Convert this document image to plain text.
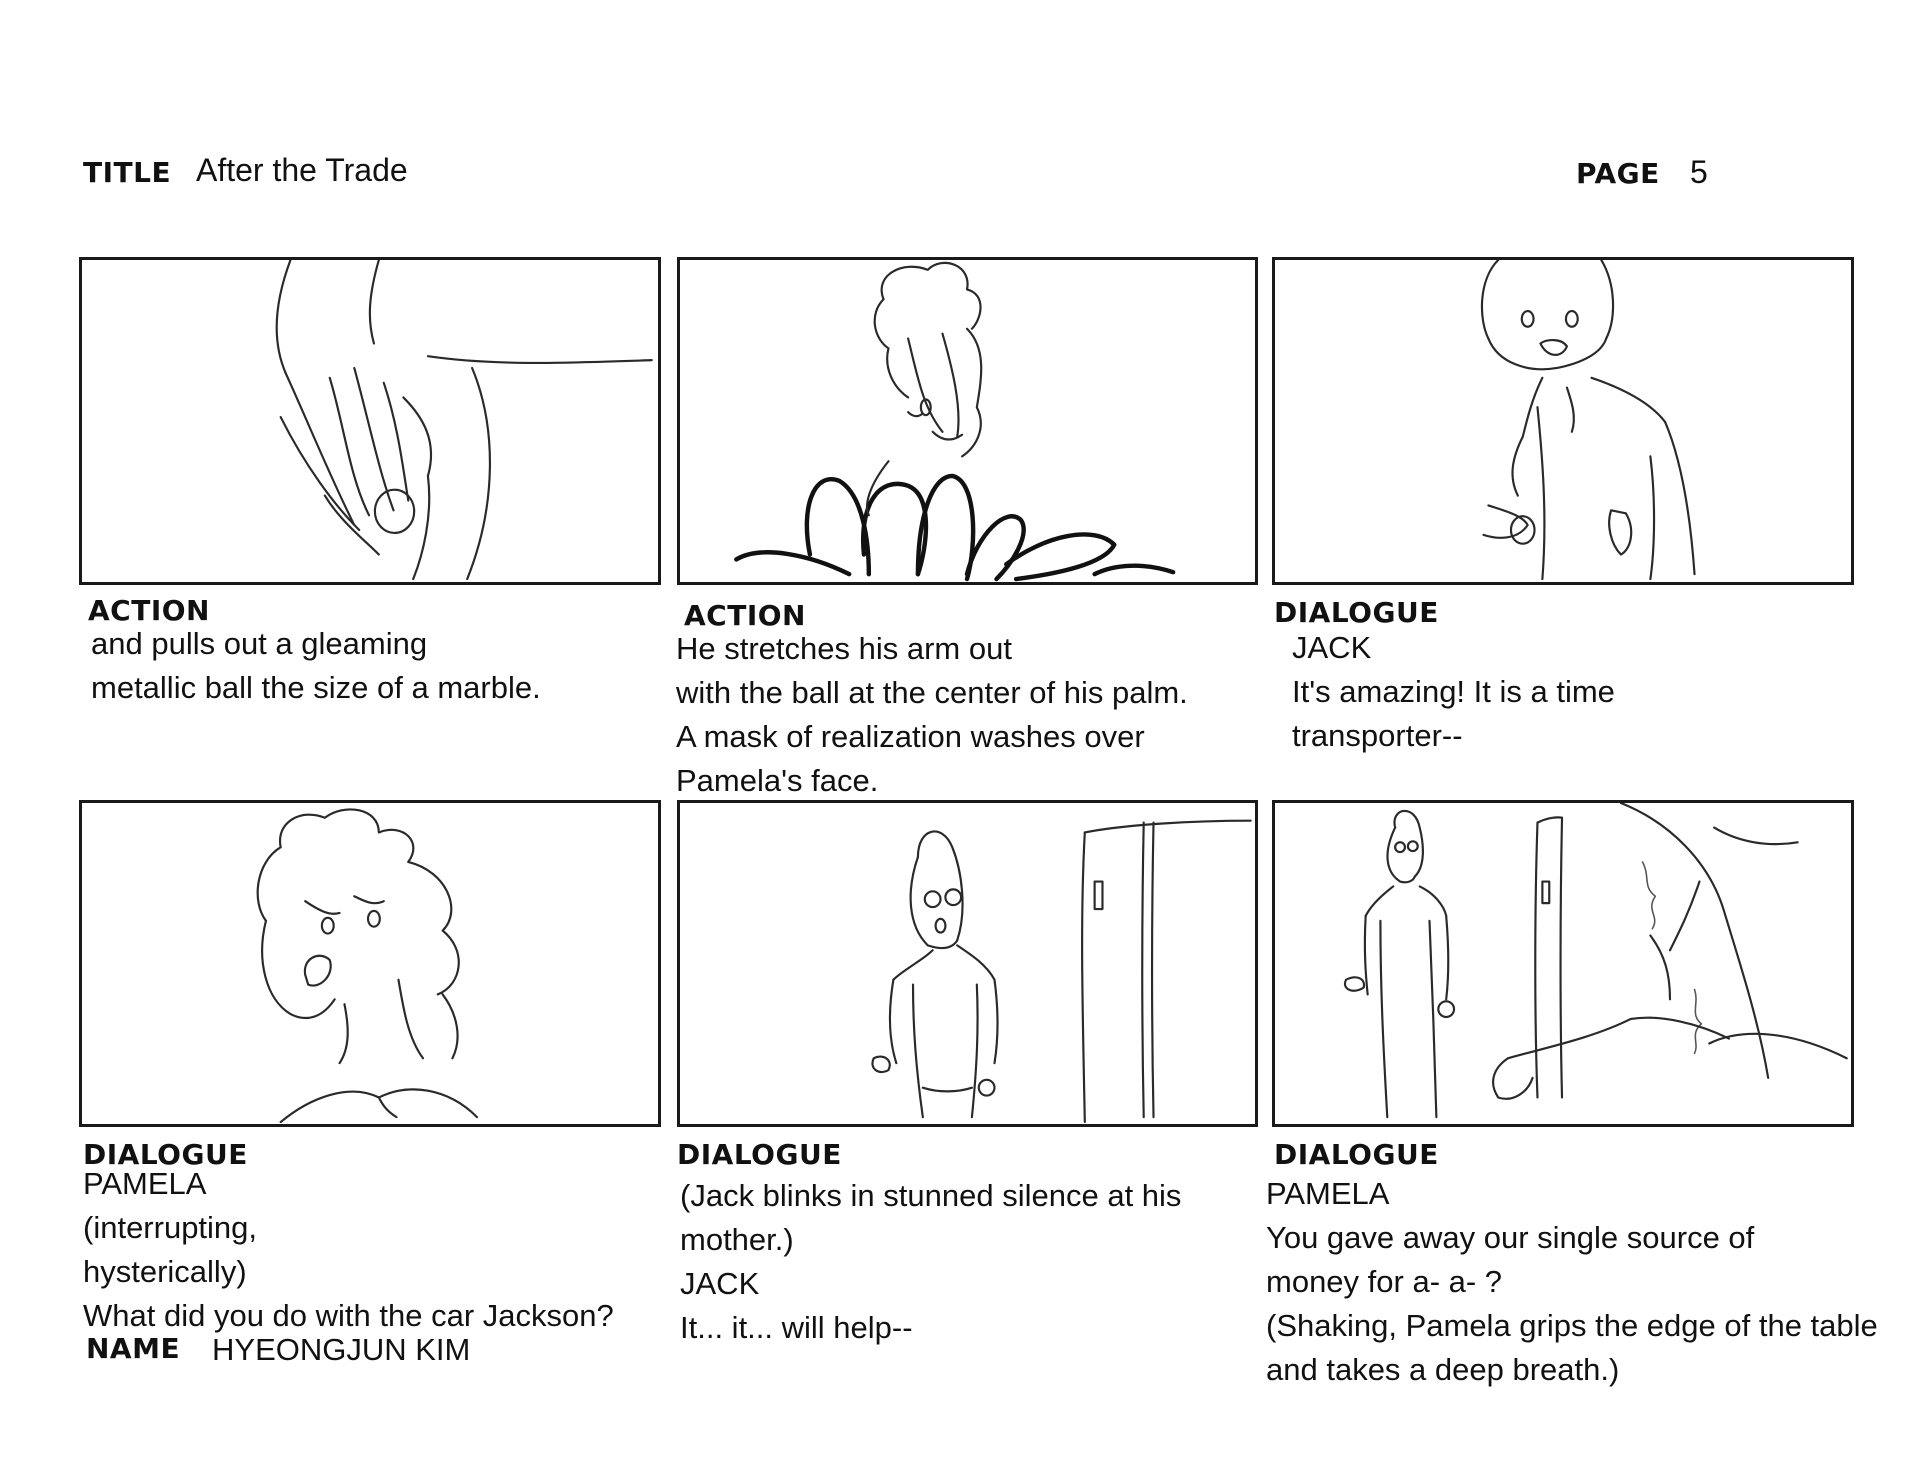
TITLE After the Trade	PAGE 5
ACTION
and pulls out a gleaming
metallic ball the size of a marble.
ACTION
He stretches his arm out
with the ball at the center of his palm.
A mask of realization washes over
Pamela's face.
DIALOGUE
JACK
It's amazing! It is a time
transporter--
DIALOGUE
PAMELA
(interrupting,
hysterically)
What did you do with the car Jackson?
DIALOGUE
(Jack blinks in stunned silence at his
mother.)
JACK
It... it... will help--
DIALOGUE
PAMELA
You gave away our single source of
money for a- a- ?
(Shaking, Pamela grips the edge of the table
and takes a deep breath.)
NAME HYEONGJUN KIM
